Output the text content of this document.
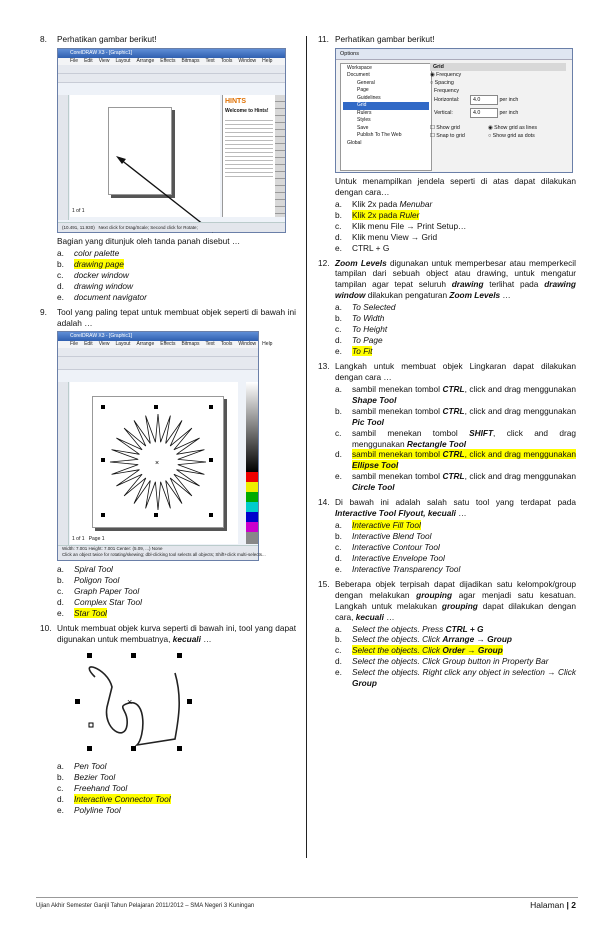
8. Perhatikan gambar berikut!
CorelDRAW X3 - [Graphic1]
File Edit View Layout Arrange Effects Bitmaps Text Tools Window Help
1 of 1
HINTS
Welcome to Hints!
(10.491, 11.930) Next click for Drag/Scale; Second click for Rotate;
Bagian yang ditunjuk oleh tanda panah disebut …
a. color palette
b. drawing page
c. docker window
d. drawing window
e. document navigator
9. Tool yang paling tepat untuk membuat objek seperti di bawah ini adalah …
CorelDRAW X3 - [Graphic1]
File Edit View Layout Arrange Effects Bitmaps Text Tools Window Help
×
1 of 1 Page 1
Width: 7.001 Height: 7.001 Center: (5.09, ...) None
Click an object twice for rotating/skewing; dbl-clicking tool selects all objects; Shift+click multi-selects...
a. Spiral Tool
b. Poligon Tool
c. Graph Paper Tool
d. Complex Star Tool
e. Star Tool
10. Untuk membuat objek kurva seperti di bawah ini, tool yang dapat digunakan untuk membuatnya, kecuali …
×
a. Pen Tool
b. Bezier Tool
c. Freehand Tool
d. Interactive Connector Tool
e. Polyline Tool
11. Perhatikan gambar berikut!
Options
Workspace
Document
General
Page
Guidelines
Grid
Rulers
Styles
Save
Publish To The Web
Global
Grid
◉ Frequency
○ Spacing
Frequency
Horizontal:	4.0	per inch
Vertical:	4.0	per inch
☐ Show grid	◉ Show grid as lines
☐ Snap to grid	○ Show grid as dots
Untuk menampilkan jendela seperti di atas dapat dilakukan dengan cara…
a. Klik 2x pada Menubar
b. Klik 2x pada Ruler
c. Klik menu File → Print Setup…
d. Klik menu View → Grid
e. CTRL + G
12. Zoom Levels digunakan untuk memperbesar atau memperkecil tampilan dari sebuah object atau drawing, untuk mengatur tampilan agar tepat seluruh drawing terlihat pada drawing window dilakukan pengaturan Zoom Levels …
a. To Selected
b. To Width
c. To Height
d. To Page
e. To Fit
13. Langkah untuk membuat objek Lingkaran dapat dilakukan dengan cara …
a. sambil menekan tombol CTRL, click and drag menggunakan Shape Tool
b. sambil menekan tombol CTRL, click and drag menggunakan Pic Tool
c. sambil menekan tombol SHIFT, click and drag menggunakan Rectangle Tool
d. sambil menekan tombol CTRL, click and drag menggunakan Ellipse Tool
e. sambil menekan tombol CTRL, click and drag menggunakan Circle Tool
14. Di bawah ini adalah salah satu tool yang terdapat pada Interactive Tool Flyout, kecuali …
a. Interactive Fill Tool
b. Interactive Blend Tool
c. Interactive Contour Tool
d. Interactive Envelope Tool
e. Interactive Transparency Tool
15. Beberapa objek terpisah dapat dijadikan satu kelompok/group dengan melakukan grouping agar menjadi satu kesatuan. Langkah untuk melakukan grouping dapat dilakukan dengan cara, kecuali …
a. Select the objects. Press CTRL + G
b. Select the objects. Click Arrange → Group
c. Select the objects. Click Order → Group
d. Select the objects. Click Group button in Property Bar
e. Select the objects. Right click any object in selection → Click Group
Ujian Akhir Semester Ganjil Tahun Pelajaran 2011/2012 – SMA Negeri 3 Kuningan	Halaman | 2
